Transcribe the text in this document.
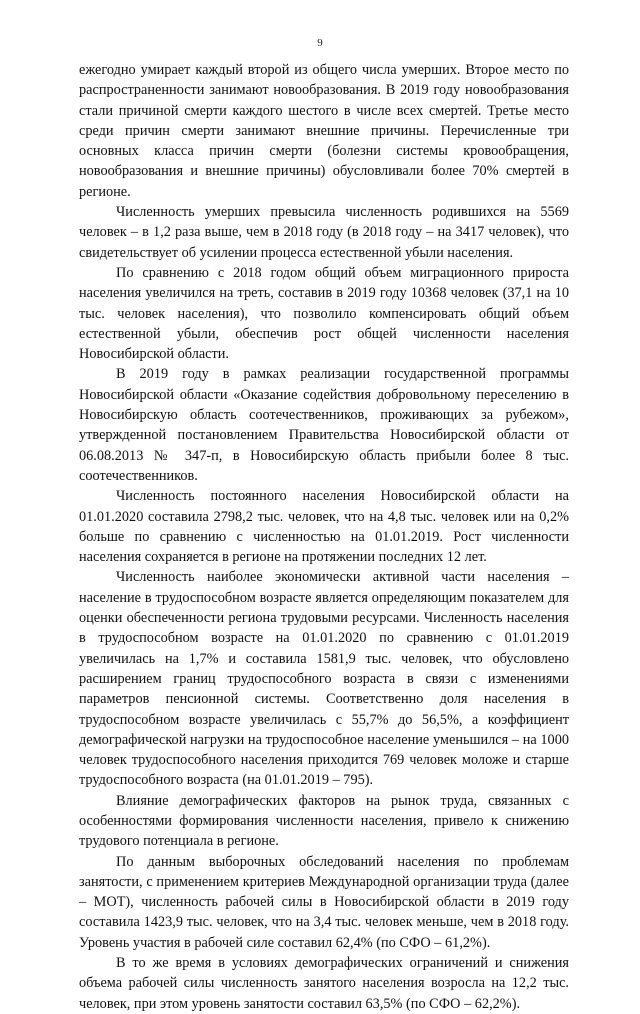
9

ежегодно умирает каждый второй из общего числа умерших. Второе место по распространенности занимают новообразования. В 2019 году новообразования стали причиной смерти каждого шестого в числе всех смертей. Третье место среди причин смерти занимают внешние причины. Перечисленные три основных класса причин смерти (болезни системы кровообращения, новообразования и внешние причины) обусловливали более 70% смертей в регионе.

Численность умерших превысила численность родившихся на 5569 человек – в 1,2 раза выше, чем в 2018 году (в 2018 году – на 3417 человек), что свидетельствует об усилении процесса естественной убыли населения.

По сравнению с 2018 годом общий объем миграционного прироста населения увеличился на треть, составив в 2019 году 10368 человек (37,1 на 10 тыс. человек населения), что позволило компенсировать общий объем естественной убыли, обеспечив рост общей численности населения Новосибирской области.

В 2019 году в рамках реализации государственной программы Новосибирской области «Оказание содействия добровольному переселению в Новосибирскую область соотечественников, проживающих за рубежом», утвержденной постановлением Правительства Новосибирской области от 06.08.2013 № 347-п, в Новосибирскую область прибыли более 8 тыс. соотечественников.

Численность постоянного населения Новосибирской области на 01.01.2020 составила 2798,2 тыс. человек, что на 4,8 тыс. человек или на 0,2% больше по сравнению с численностью на 01.01.2019. Рост численности населения сохраняется в регионе на протяжении последних 12 лет.

Численность наиболее экономически активной части населения – население в трудоспособном возрасте является определяющим показателем для оценки обеспеченности региона трудовыми ресурсами. Численность населения в трудоспособном возрасте на 01.01.2020 по сравнению с 01.01.2019 увеличилась на 1,7% и составила 1581,9 тыс. человек, что обусловлено расширением границ трудоспособного возраста в связи с изменениями параметров пенсионной системы. Соответственно доля населения в трудоспособном возрасте увеличилась с 55,7% до 56,5%, а коэффициент демографической нагрузки на трудоспособное население уменьшился – на 1000 человек трудоспособного населения приходится 769 человек моложе и старше трудоспособного возраста (на 01.01.2019 – 795).

Влияние демографических факторов на рынок труда, связанных с особенностями формирования численности населения, привело к снижению трудового потенциала в регионе.

По данным выборочных обследований населения по проблемам занятости, с применением критериев Международной организации труда (далее – МОТ), численность рабочей силы в Новосибирской области в 2019 году составила 1423,9 тыс. человек, что на 3,4 тыс. человек меньше, чем в 2018 году. Уровень участия в рабочей силе составил 62,4% (по СФО – 61,2%).

В то же время в условиях демографических ограничений и снижения объема рабочей силы численность занятого населения возросла на 12,2 тыс. человек, при этом уровень занятости составил 63,5% (по СФО – 62,2%).
